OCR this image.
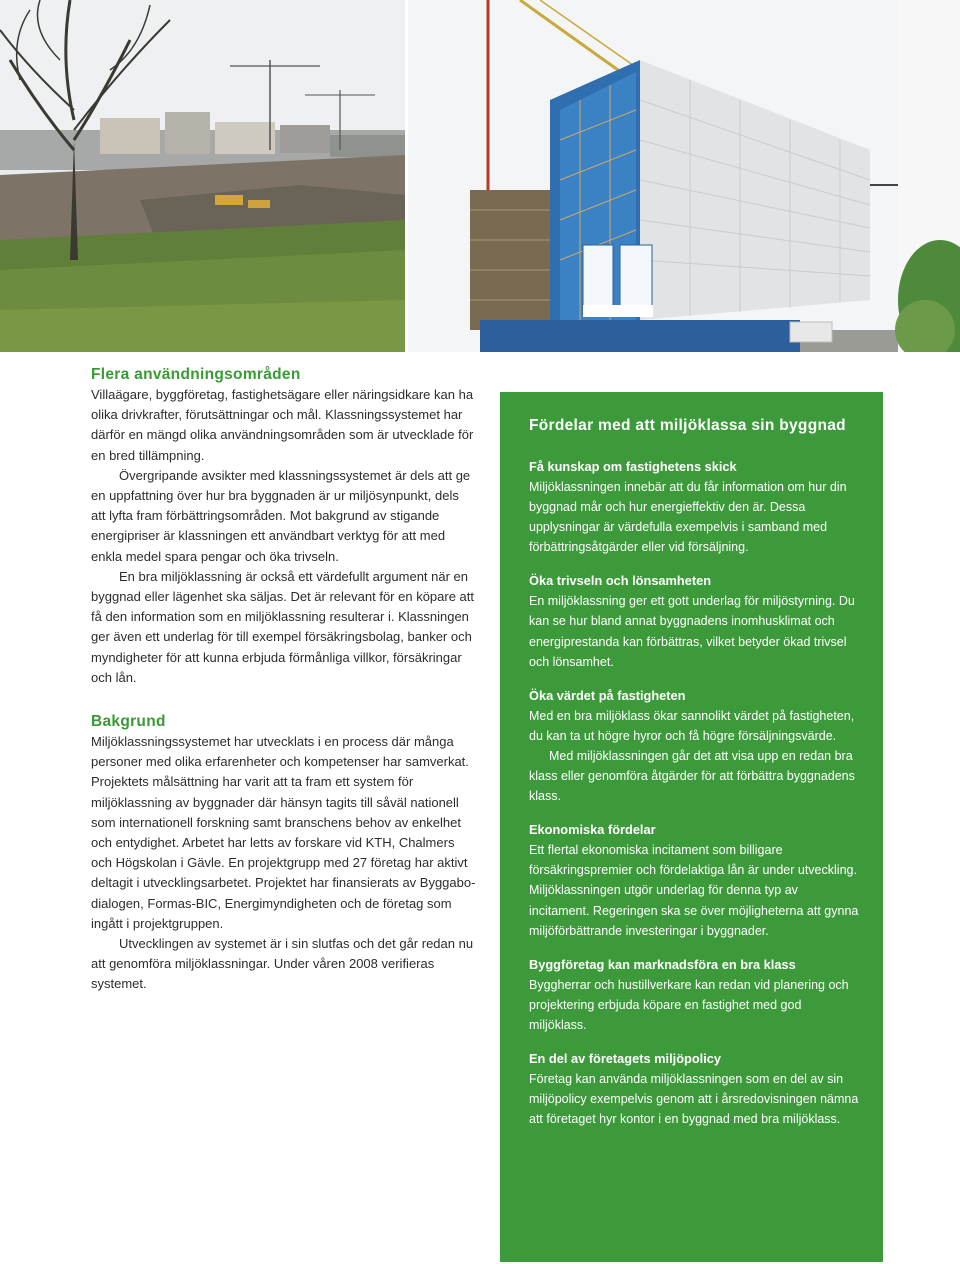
Flera användningsområden

Villaägare, byggföretag, fastighetsägare eller näringsidkare kan ha olika drivkrafter, förutsättningar och mål. Klassningssystemet har därför en mängd olika användningsområden som är utvecklade för en bred tillämpning.

Övergripande avsikter med klassningssystemet är dels att ge en uppfattning över hur bra byggnaden är ur miljösynpunkt, dels att lyfta fram förbättringsområden. Mot bakgrund av stigande energipriser är klassningen ett användbart verktyg för att med enkla medel spara pengar och öka trivseln.

En bra miljöklassning är också ett värdefullt argument när en byggnad eller lägenhet ska säljas. Det är relevant för en köpare att få den information som en miljöklassning resulterar i. Klassningen ger även ett underlag för till exempel försäkringsbolag, banker och myndigheter för att kunna erbjuda förmånliga villkor, försäkringar och lån.

Bakgrund

Miljöklassningssystemet har utvecklats i en process där många personer med olika erfarenheter och kompetenser har samverkat. Projektets målsättning har varit att ta fram ett system för miljöklassning av byggnader där hänsyn tagits till såväl nationell som internationell forskning samt branschens behov av enkelhet och entydighet. Arbetet har letts av forskare vid KTH, Chalmers och Högskolan i Gävle. En projektgrupp med 27 företag har aktivt deltagit i utvecklingsarbetet. Projektet har finansierats av Byggabo-dialogen, Formas-BIC, Energimyndigheten och de företag som ingått i projektgruppen.

Utvecklingen av systemet är i sin slutfas och det går redan nu att genomföra miljöklassningar. Under våren 2008 verifieras systemet.

Fördelar med att miljöklassa sin byggnad
Få kunskap om fastighetens skick

Miljöklassningen innebär att du får information om hur din byggnad mår och hur energieffektiv den är. Dessa upplysningar är värdefulla exempelvis i samband med förbättringsåtgärder eller vid försäljning.

Öka trivseln och lönsamheten

En miljöklassning ger ett gott underlag för miljöstyrning. Du kan se hur bland annat byggnadens inomhusklimat och energiprestanda kan förbättras, vilket betyder ökad trivsel och lönsamhet.

Öka värdet på fastigheten

Med en bra miljöklass ökar sannolikt värdet på fastigheten, du kan ta ut högre hyror och få högre försäljningsvärde.

Med miljöklassningen går det att visa upp en redan bra klass eller genomföra åtgärder för att förbättra byggnadens klass.

Ekonomiska fördelar

Ett flertal ekonomiska incitament som billigare försäkringspremier och fördelaktiga lån är under utveckling. Miljöklassningen utgör underlag för denna typ av incitament. Regeringen ska se över möjligheterna att gynna miljöförbättrande investeringar i byggnader.

Byggföretag kan marknadsföra en bra klass

Byggherrar och hustillverkare kan redan vid planering och projektering erbjuda köpare en fastighet med god miljöklass.

En del av företagets miljöpolicy

Företag kan använda miljöklassningen som en del av sin miljöpolicy exempelvis genom att i årsredovisningen nämna att företaget hyr kontor i en byggnad med bra miljöklass.
